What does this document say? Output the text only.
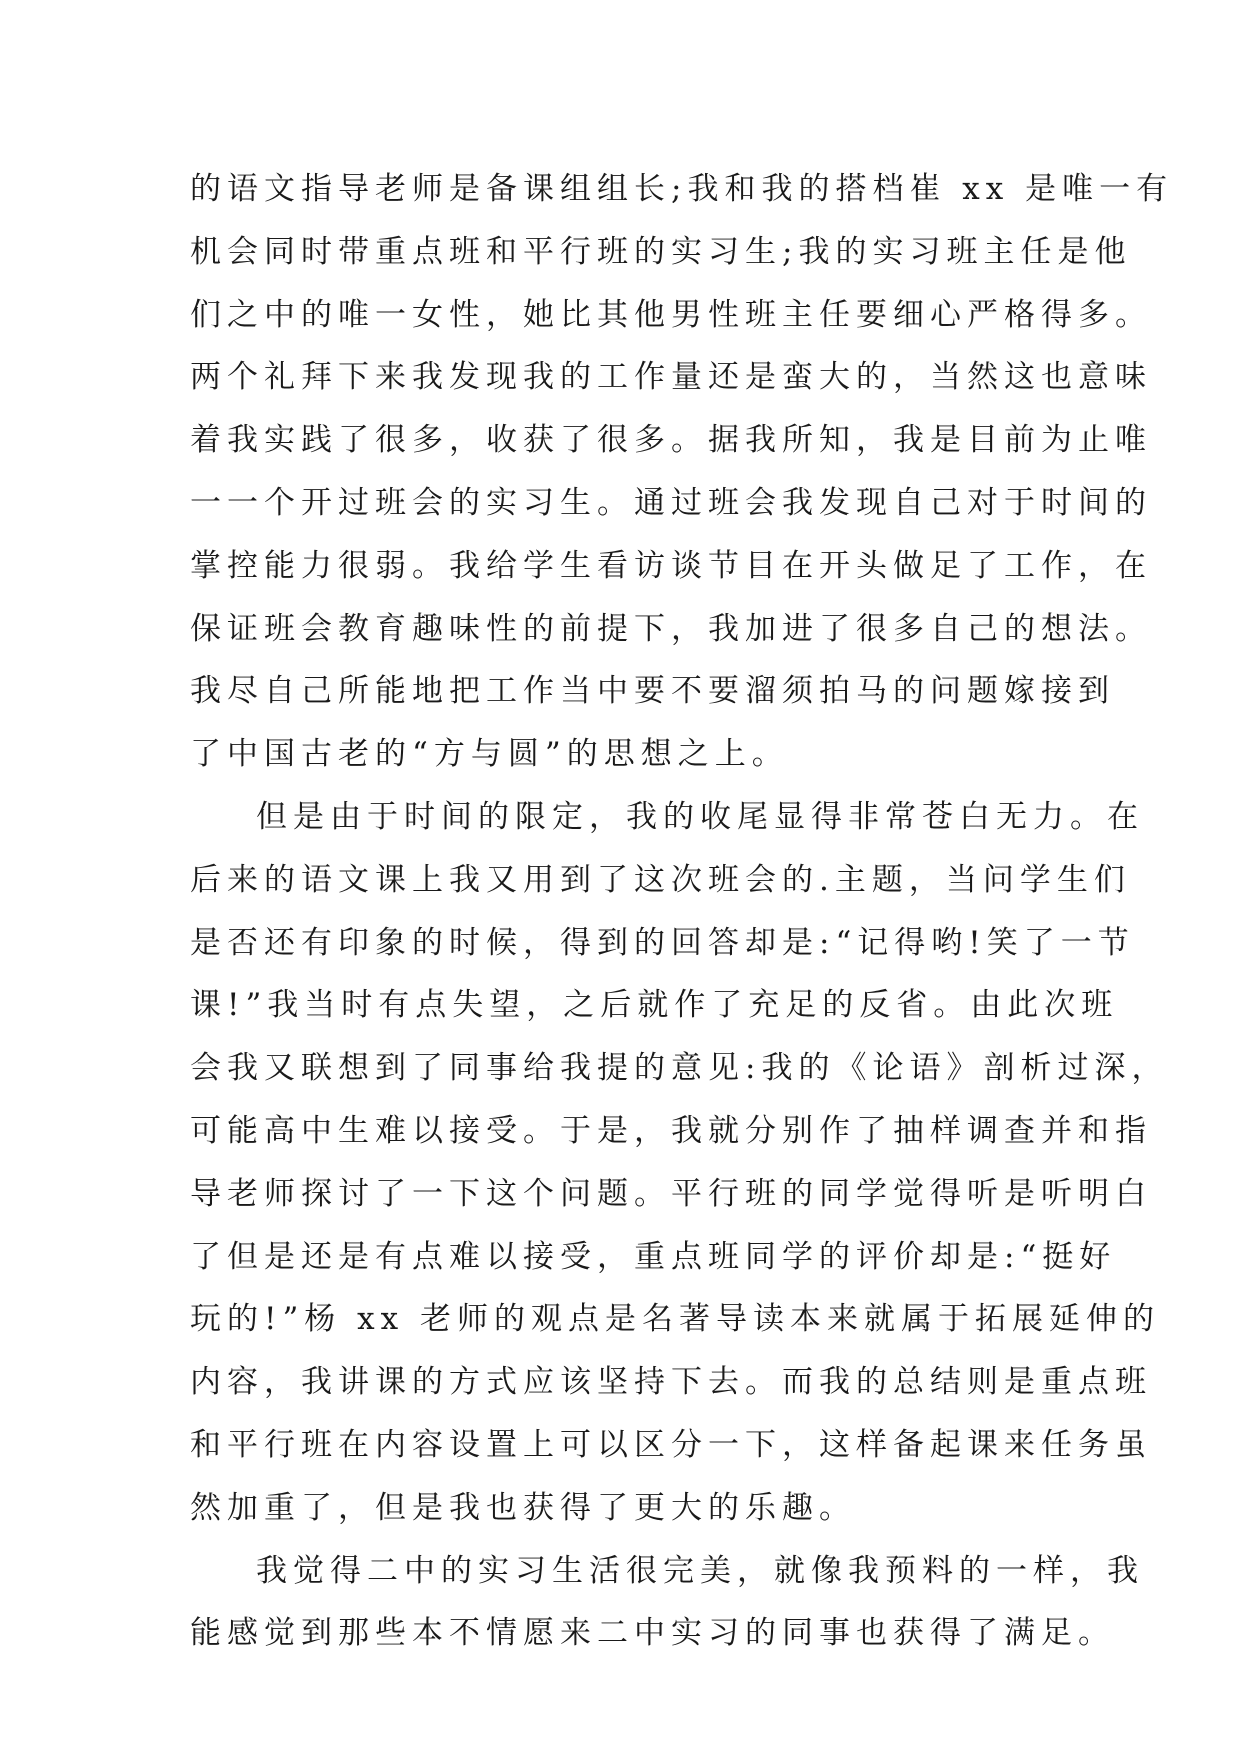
的语文指导老师是备课组组长;我和我的搭档崔 xx 是唯一有
机会同时带重点班和平行班的实习生;我的实习班主任是他
们之中的唯一女性，她比其他男性班主任要细心严格得多。
两个礼拜下来我发现我的工作量还是蛮大的，当然这也意味
着我实践了很多，收获了很多。据我所知，我是目前为止唯
一一个开过班会的实习生。通过班会我发现自己对于时间的
掌控能力很弱。我给学生看访谈节目在开头做足了工作，在
保证班会教育趣味性的前提下，我加进了很多自己的想法。
我尽自己所能地把工作当中要不要溜须拍马的问题嫁接到
了中国古老的“方与圆”的思想之上。
但是由于时间的限定，我的收尾显得非常苍白无力。在
后来的语文课上我又用到了这次班会的.主题，当问学生们
是否还有印象的时候，得到的回答却是:“记得哟!笑了一节
课!”我当时有点失望，之后就作了充足的反省。由此次班
会我又联想到了同事给我提的意见:我的《论语》剖析过深，
可能高中生难以接受。于是，我就分别作了抽样调查并和指
导老师探讨了一下这个问题。平行班的同学觉得听是听明白
了但是还是有点难以接受，重点班同学的评价却是:“挺好
玩的!”杨 xx 老师的观点是名著导读本来就属于拓展延伸的
内容，我讲课的方式应该坚持下去。而我的总结则是重点班
和平行班在内容设置上可以区分一下，这样备起课来任务虽
然加重了，但是我也获得了更大的乐趣。
我觉得二中的实习生活很完美，就像我预料的一样，我
能感觉到那些本不情愿来二中实习的同事也获得了满足。
